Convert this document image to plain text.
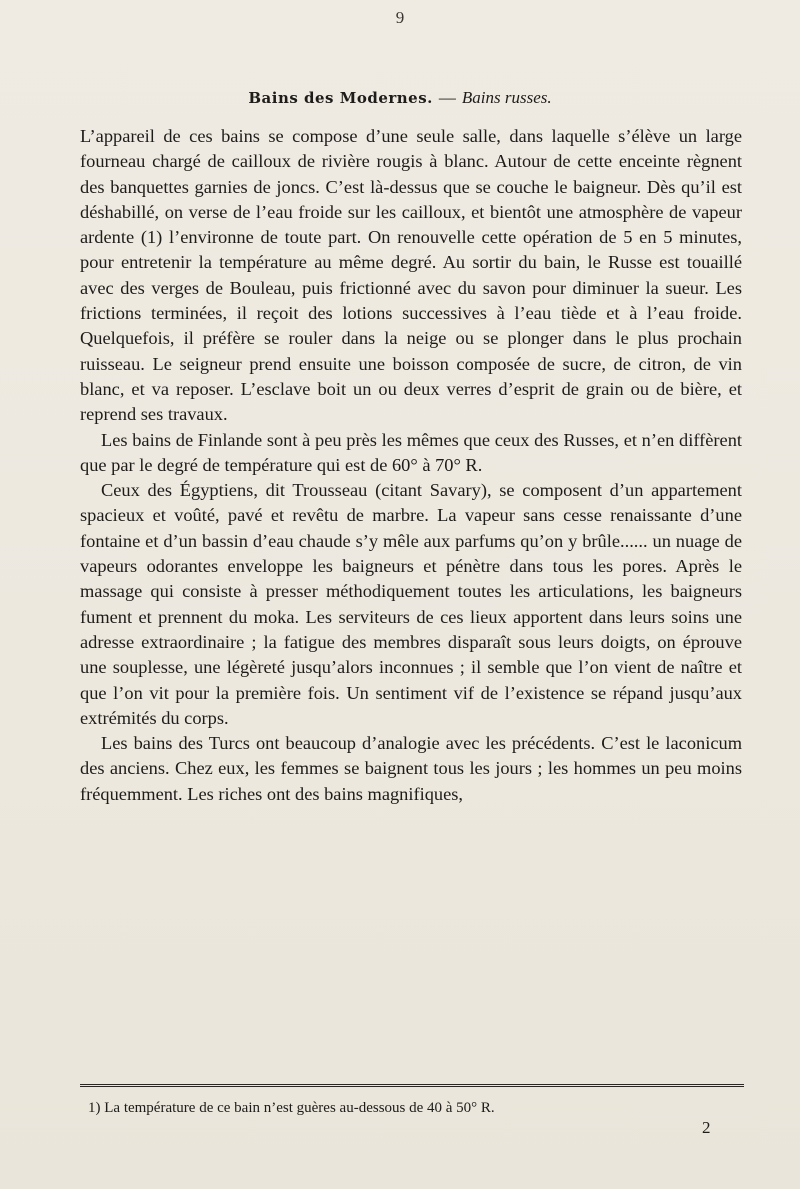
9
Bains des Modernes. — Bains russes.

L’appareil de ces bains se compose d’une seule salle, dans laquelle s’élève un large fourneau chargé de cailloux de rivière rougis à blanc. Autour de cette enceinte règnent des banquettes garnies de joncs. C’est là-dessus que se couche le baigneur. Dès qu’il est déshabillé, on verse de l’eau froide sur les cailloux, et bientôt une atmosphère de vapeur ardente (1) l’environne de toute part. On renouvelle cette opération de 5 en 5 minutes, pour entretenir la température au même degré. Au sortir du bain, le Russe est touaillé avec des verges de Bouleau, puis frictionné avec du savon pour diminuer la sueur. Les frictions terminées, il reçoit des lotions successives à l’eau tiède et à l’eau froide. Quelquefois, il préfère se rouler dans la neige ou se plonger dans le plus prochain ruisseau. Le seigneur prend ensuite une boisson composée de sucre, de citron, de vin blanc, et va reposer. L’esclave boit un ou deux verres d’esprit de grain ou de bière, et reprend ses travaux.

Les bains de Finlande sont à peu près les mêmes que ceux des Russes, et n’en diffèrent que par le degré de température qui est de 60° à 70° R.

Ceux des Égyptiens, dit Trousseau (citant Savary), se composent d’un appartement spacieux et voûté, pavé et revêtu de marbre. La vapeur sans cesse renaissante d’une fontaine et d’un bassin d’eau chaude s’y mêle aux parfums qu’on y brûle...... un nuage de vapeurs odorantes enveloppe les baigneurs et pénètre dans tous les pores. Après le massage qui consiste à presser méthodiquement toutes les articulations, les baigneurs fument et prennent du moka. Les serviteurs de ces lieux apportent dans leurs soins une adresse extraordinaire ; la fatigue des membres disparaît sous leurs doigts, on éprouve une souplesse, une légèreté jusqu’alors inconnues ; il semble que l’on vient de naître et que l’on vit pour la première fois. Un sentiment vif de l’existence se répand jusqu’aux extrémités du corps.

Les bains des Turcs ont beaucoup d’analogie avec les précédents. C’est le laconicum des anciens. Chez eux, les femmes se baignent tous les jours ; les hommes un peu moins fréquemment. Les riches ont des bains magnifiques,

1) La température de ce bain n’est guères au-dessous de 40 à 50° R.
2
